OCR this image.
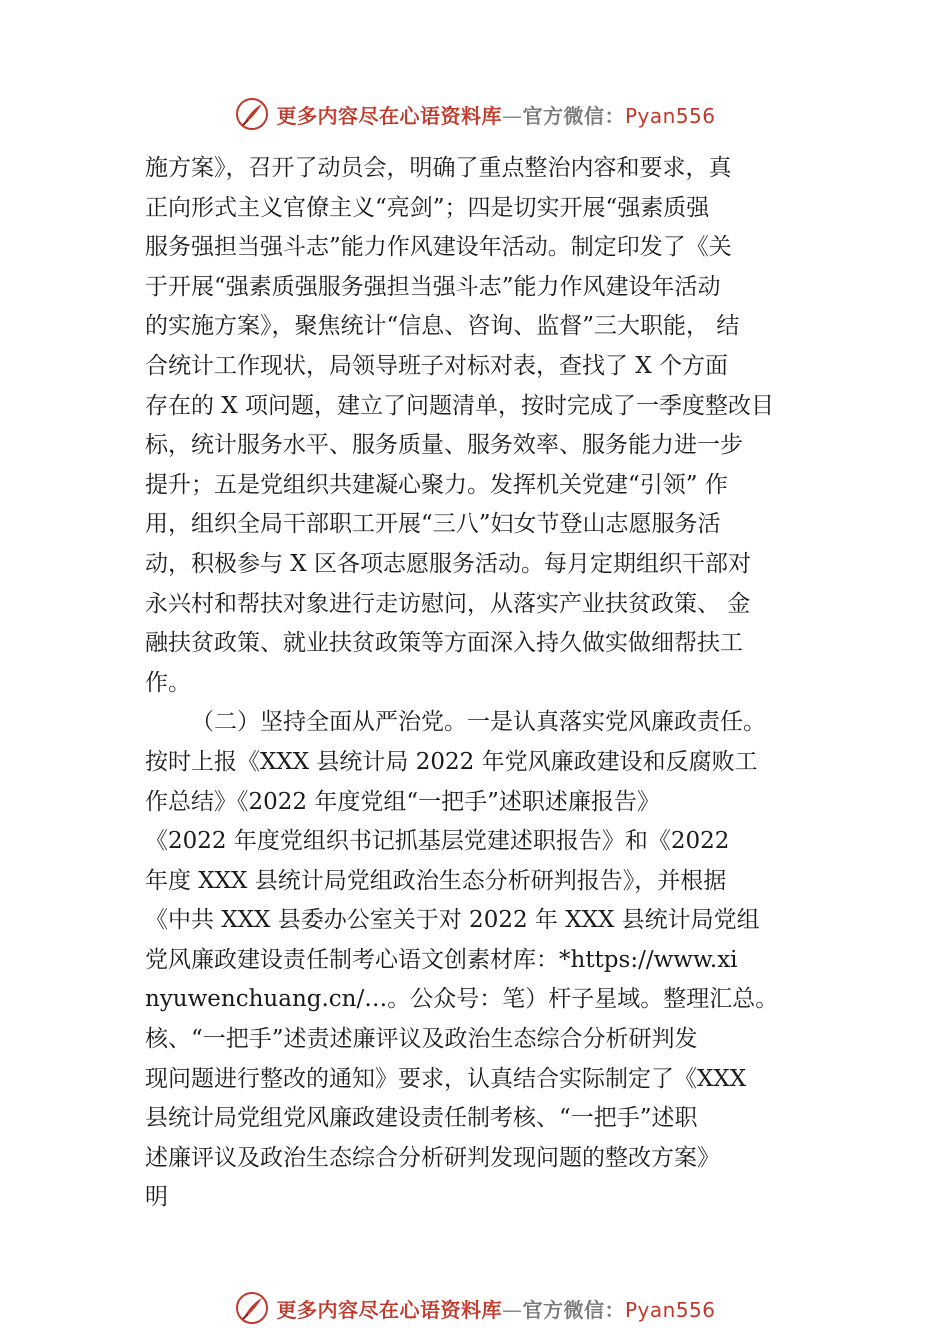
更多内容尽在心语资料库—官方微信：Pyan556
施方案》，召开了动员会，明确了重点整治内容和要求，真
正向形式主义官僚主义“亮剑”；四是切实开展“强素质强
服务强担当强斗志”能力作风建设年活动。制定印发了《关
于开展“强素质强服务强担当强斗志”能力作风建设年活动
的实施方案》，聚焦统计“信息、咨询、监督”三大职能， 结
合统计工作现状，局领导班子对标对表，查找了 X 个方面
存在的 X 项问题，建立了问题清单，按时完成了一季度整改目
标，统计服务水平、服务质量、服务效率、服务能力进一步
提升；五是党组织共建凝心聚力。发挥机关党建“引领” 作
用，组织全局干部职工开展“三八”妇女节登山志愿服务活
动，积极参与 X 区各项志愿服务活动。每月定期组织干部对
永兴村和帮扶对象进行走访慰问，从落实产业扶贫政策、 金
融扶贫政策、就业扶贫政策等方面深入持久做实做细帮扶工
作。
（二）坚持全面从严治党。一是认真落实党风廉政责任。
按时上报《XXX 县统计局 2022 年党风廉政建设和反腐败工
作总结》《2022 年度党组“一把手”述职述廉报告》
《2022 年度党组织书记抓基层党建述职报告》和《2022
年度 XXX 县统计局党组政治生态分析研判报告》，并根据
《中共 XXX 县委办公室关于对 2022 年 XXX 县统计局党组
党风廉政建设责任制考心语文创素材库：*https://www.xi
nyuwenchuang.cn/…。公众号：笔）杆子星域。整理汇总。
核、“一把手”述责述廉评议及政治生态综合分析研判发
现问题进行整改的通知》要求，认真结合实际制定了《XXX
县统计局党组党风廉政建设责任制考核、“一把手”述职
述廉评议及政治生态综合分析研判发现问题的整改方案》
明
更多内容尽在心语资料库—官方微信：Pyan556
